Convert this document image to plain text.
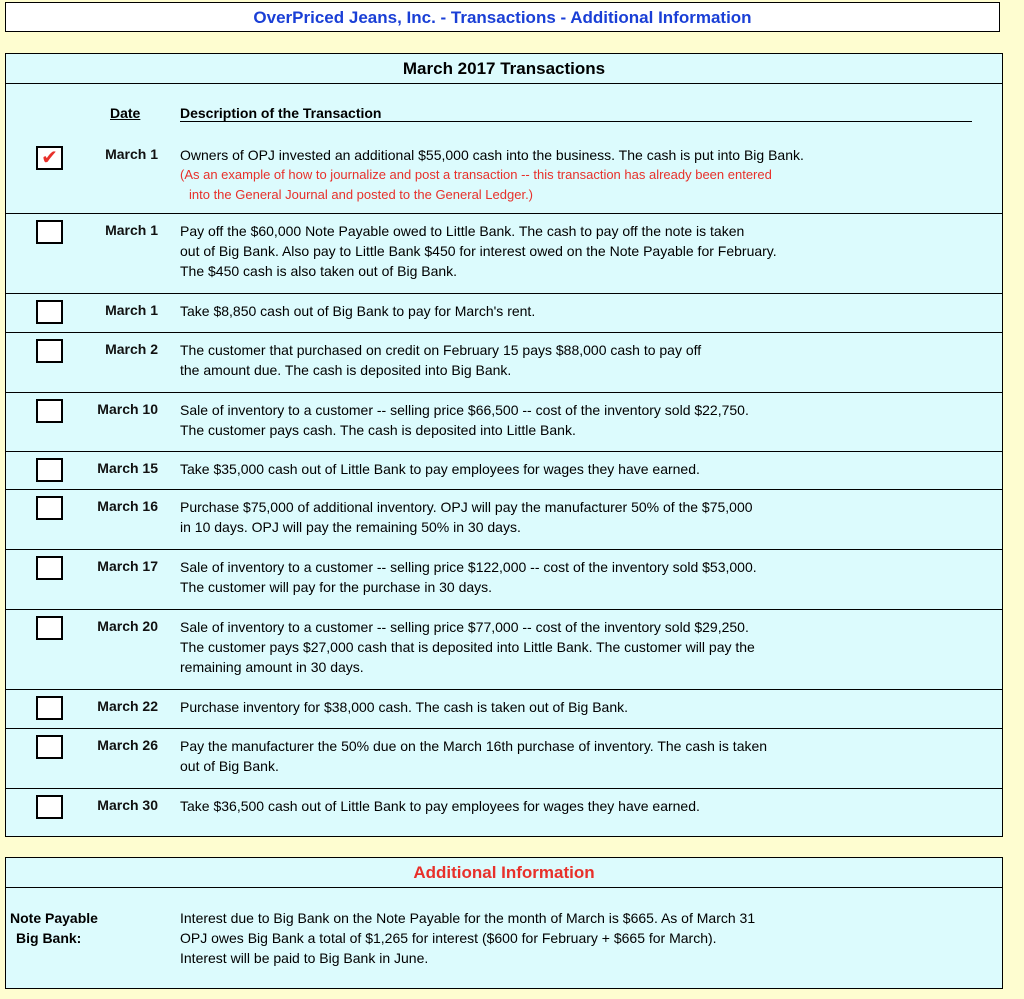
OverPriced Jeans, Inc. - Transactions - Additional Information
March 2017 Transactions
Date	Description of the Transaction
✔	March 1 Owners of OPJ invested an additional $55,000 cash into the business. The cash is put into Big Bank.
(As an example of how to journalize and post a transaction -- this transaction has already been entered
into the General Journal and posted to the General Ledger.)
March 1 Pay off the $60,000 Note Payable owed to Little Bank. The cash to pay off the note is taken
out of Big Bank. Also pay to Little Bank $450 for interest owed on the Note Payable for February.
The $450 cash is also taken out of Big Bank.
March 1 Take $8,850 cash out of Big Bank to pay for March's rent.
March 2 The customer that purchased on credit on February 15 pays $88,000 cash to pay off
the amount due. The cash is deposited into Big Bank.
March 10 Sale of inventory to a customer -- selling price $66,500 -- cost of the inventory sold $22,750.
The customer pays cash. The cash is deposited into Little Bank.
March 15 Take $35,000 cash out of Little Bank to pay employees for wages they have earned.
March 16 Purchase $75,000 of additional inventory. OPJ will pay the manufacturer 50% of the $75,000
in 10 days. OPJ will pay the remaining 50% in 30 days.
March 17 Sale of inventory to a customer -- selling price $122,000 -- cost of the inventory sold $53,000.
The customer will pay for the purchase in 30 days.
March 20 Sale of inventory to a customer -- selling price $77,000 -- cost of the inventory sold $29,250.
The customer pays $27,000 cash that is deposited into Little Bank. The customer will pay the
remaining amount in 30 days.
March 22 Purchase inventory for $38,000 cash. The cash is taken out of Big Bank.
March 26 Pay the manufacturer the 50% due on the March 16th purchase of inventory. The cash is taken
out of Big Bank.
March 30 Take $36,500 cash out of Little Bank to pay employees for wages they have earned.
Additional Information
Note Payable
Big Bank:
Interest due to Big Bank on the Note Payable for the month of March is $665. As of March 31
OPJ owes Big Bank a total of $1,265 for interest ($600 for February + $665 for March).
Interest will be paid to Big Bank in June.
